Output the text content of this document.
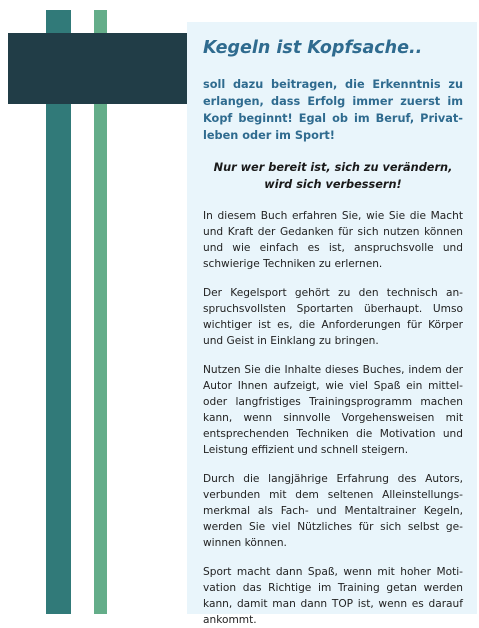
Kegeln ist Kopfsache..

soll dazu beitragen, die Erkenntnis zu erlangen, dass Erfolg immer zuerst im Kopf beginnt! Egal ob im Beruf, Privatleben oder im Sport!

Nur wer bereit ist, sich zu verändern, wird sich verbessern!

In diesem Buch erfahren Sie, wie Sie die Macht und Kraft der Gedanken für sich nutzen können und wie einfach es ist, anspruchsvolle und schwierige Techniken zu erlernen.

Der Kegelsport gehört zu den technisch anspruchsvollsten Sportarten überhaupt. Umso wichtiger ist es, die Anforderungen für Körper und Geist in Einklang zu bringen.

Nutzen Sie die Inhalte dieses Buches, indem der Autor Ihnen aufzeigt, wie viel Spaß ein mittel- oder langfristiges Trainingsprogramm machen kann, wenn sinnvolle Vorgehensweisen mit entsprechenden Techniken die Motivation und Leistung effizient und schnell steigern.

Durch die langjährige Erfahrung des Autors, verbunden mit dem seltenen Alleinstellungsmerkmal als Fach- und Mentaltrainer Kegeln, werden Sie viel Nützliches für sich selbst gewinnen können.

Sport macht dann Spaß, wenn mit hoher Motivation das Richtige im Training getan werden kann, damit man dann TOP ist, wenn es darauf ankommt.
